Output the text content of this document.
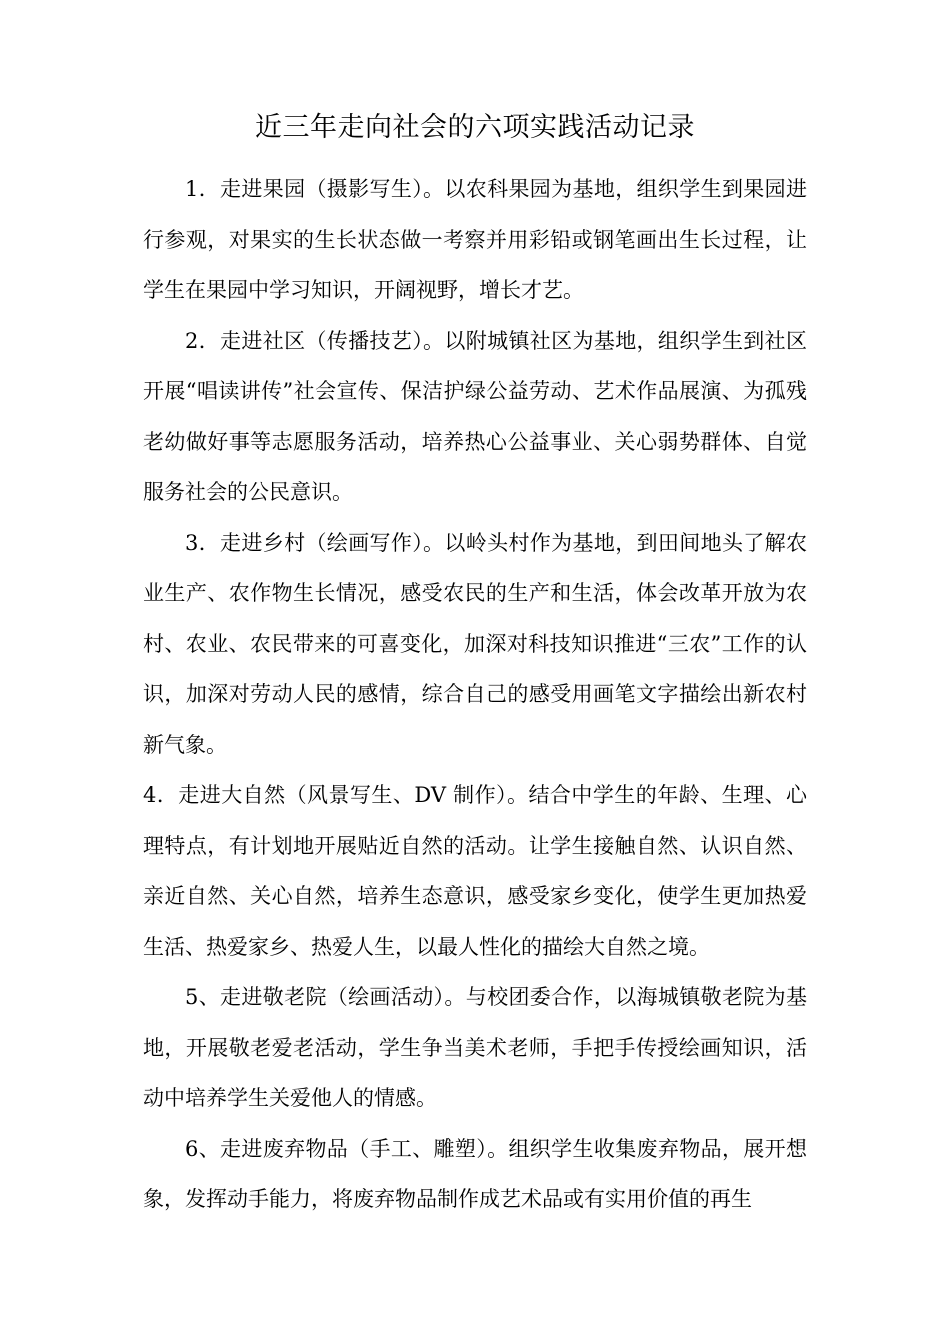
近三年走向社会的六项实践活动记录

1．走进果园（摄影写生）。以农科果园为基地，组织学生到果园进行参观，对果实的生长状态做一考察并用彩铅或钢笔画出生长过程，让学生在果园中学习知识，开阔视野，增长才艺。

2．走进社区（传播技艺）。以附城镇社区为基地，组织学生到社区开展“唱读讲传”社会宣传、保洁护绿公益劳动、艺术作品展演、为孤残老幼做好事等志愿服务活动，培养热心公益事业、关心弱势群体、自觉服务社会的公民意识。

3．走进乡村（绘画写作）。以岭头村作为基地，到田间地头了解农业生产、农作物生长情况，感受农民的生产和生活，体会改革开放为农村、农业、农民带来的可喜变化，加深对科技知识推进“三农”工作的认识，加深对劳动人民的感情，综合自己的感受用画笔文字描绘出新农村新气象。

4．走进大自然（风景写生、DV 制作）。结合中学生的年龄、生理、心理特点，有计划地开展贴近自然的活动。让学生接触自然、认识自然、亲近自然、关心自然，培养生态意识，感受家乡变化，使学生更加热爱生活、热爱家乡、热爱人生，以最人性化的描绘大自然之境。

5、走进敬老院（绘画活动）。与校团委合作，以海城镇敬老院为基地，开展敬老爱老活动，学生争当美术老师，手把手传授绘画知识，活动中培养学生关爱他人的情感。

6、走进废弃物品（手工、雕塑）。组织学生收集废弃物品，展开想象，发挥动手能力，将废弃物品制作成艺术品或有实用价值的再生
